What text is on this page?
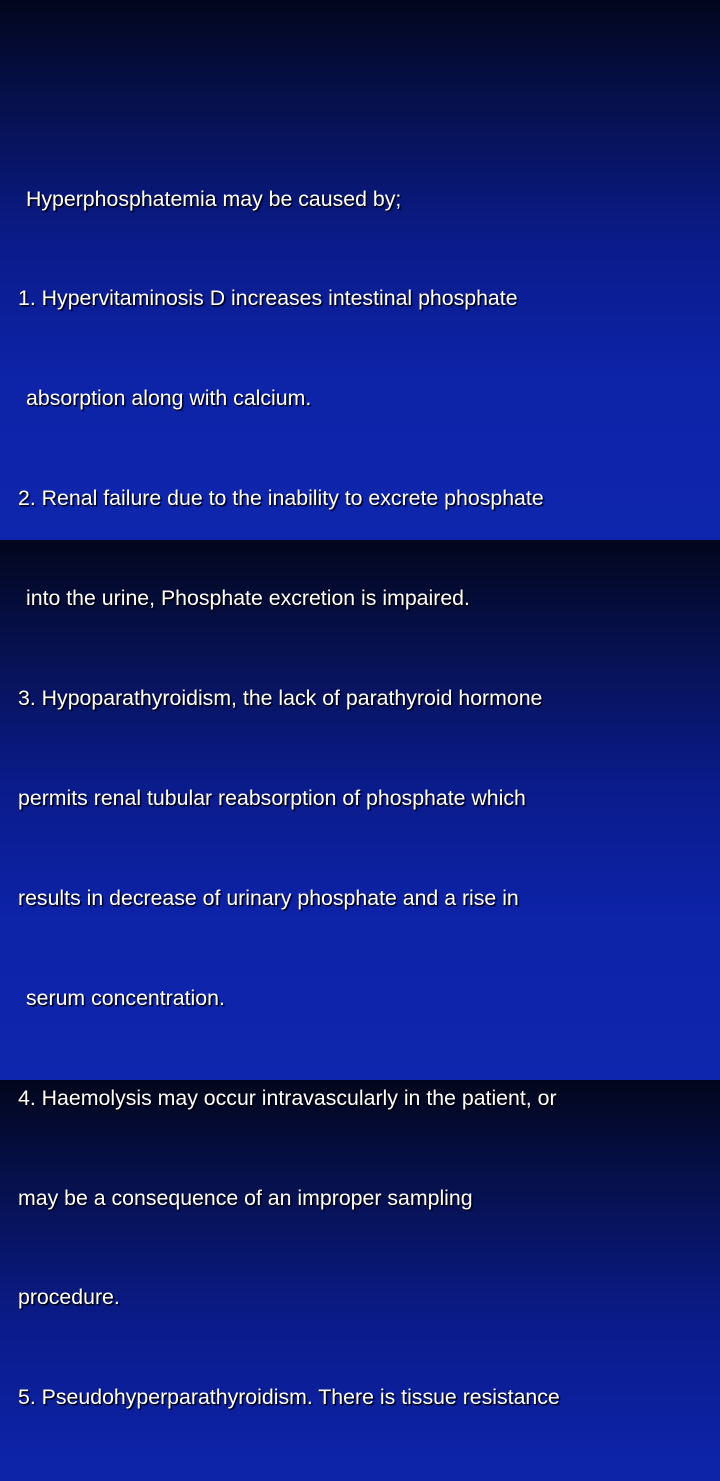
Hyperphosphatemia may be caused by;

1. Hypervitaminosis D increases intestinal phosphate

absorption along with calcium.

2. Renal failure due to the inability to excrete phosphate

into the urine, Phosphate excretion is impaired.

3. Hypoparathyroidism, the lack of parathyroid hormone

permits renal tubular reabsorption of phosphate which

results in decrease of urinary phosphate and a rise in

serum concentration.

4. Haemolysis may occur intravascularly in the patient, or

may be a consequence of an improper sampling

procedure.

5. Pseudohyperparathyroidism. There is tissue resistance
